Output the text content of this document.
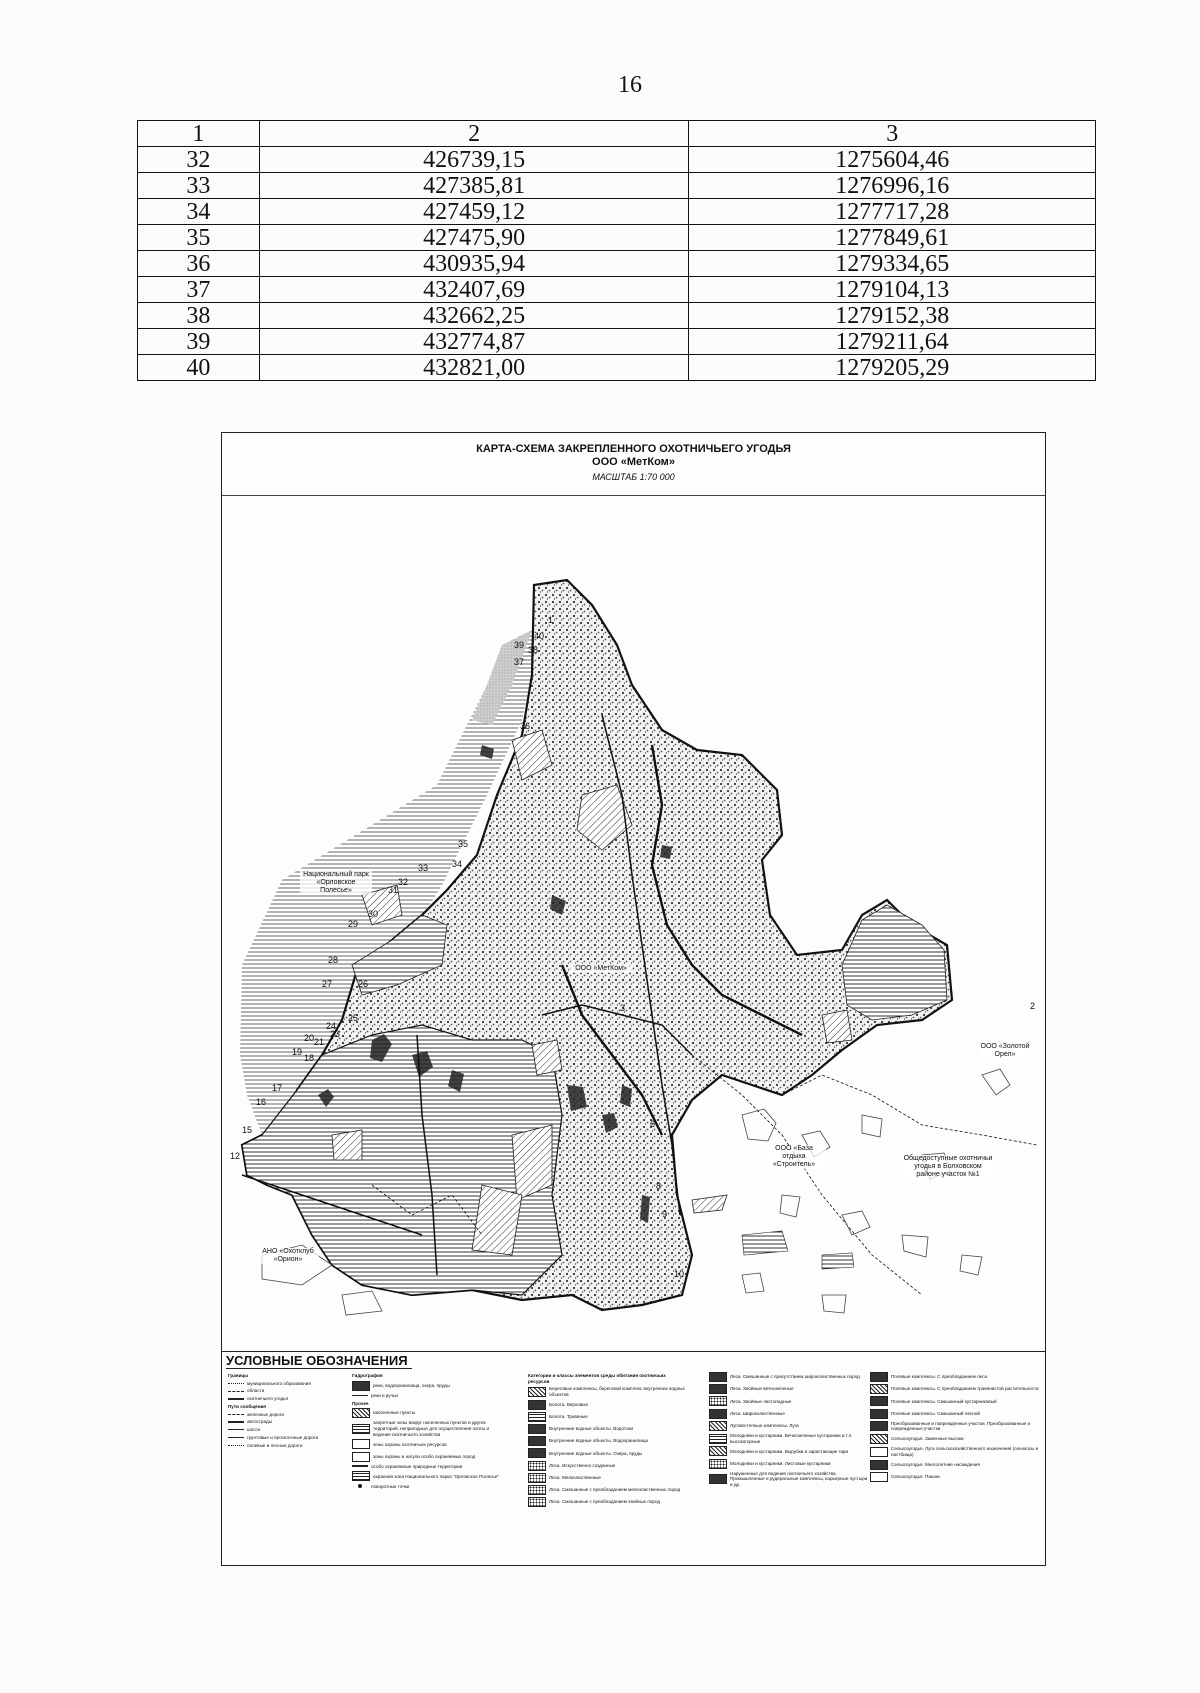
16
1	2	3
32	426739,15	1275604,46
33	427385,81	1276996,16
34	427459,12	1277717,28
35	427475,90	1277849,61
36	430935,94	1279334,65
37	432407,69	1279104,13
38	432662,25	1279152,38
39	432774,87	1279211,64
40	432821,00	1279205,29
КАРТА-СХЕМА ЗАКРЕПЛЕННОГО ОХОТНИЧЬЕГО УГОДЬЯ
ООО «МетКом»
МАСШТАБ 1:70 000
Национальный парк «Орловское Полесье»
ООО «МетКом»
ООО «Золотой Орел»
ООО «База отдыха «Строитель»
Общедоступные охотничьи угодья в Болховском районе участок №1
АНО «Охотклуб «Орион»
1
2
3
6
8
9
10
12
15
16
17
18
19
20 21
23
24
25
26
27
28
29
30
31
32
33	34
35
36
37
38
39
40
УСЛОВНЫЕ ОБОЗНАЧЕНИЯ
Границы
муниципального образования
области
охотничьего угодья
Пути сообщения
железные дороги
автострады
шоссе
грунтовые и проселочные дороги
полевые и лесные дороги
Гидрография
реки, водохранилища, озера, пруды
реки и ручьи
Прочее
населенные пункты
запретные зоны вокруг населенных пунктов и других территорий, непригодные для осуществления охоты и ведения охотничьего хозяйства
зоны охраны охотничьих ресурсов
зоны охраны и нагула особо охраняемых пород
особо охраняемые природные территории
охранная зона Национального парка "Орловское Полесье"
поворотные точки
Категории и классы элементов среды обитания охотничьих ресурсов
Береговые комплексы, береговой комплекс внутренних водных объектов
Болота. Верховые
Болота. Травяные
Внутренние водные объекты. Водотоки
Внутренние водные объекты. Водохранилища
Внутренние водные объекты. Озера, пруды
Леса. Искусственно созданные
Леса. Мелколиственные
Леса. Смешанные с преобладанием мелколиственных пород
Леса. Смешанные с преобладанием хвойных пород
Леса. Смешанные с присутствием широколиственных пород
Леса. Хвойные вечнозеленые
Леса. Хвойные листопадные
Леса. Широколиственные
Луговостепные комплексы. Луга
Молодняки и кустарники. Вечнозеленые кустарники и т.п. высокогорные
Молодняки и кустарники. Вырубки и зарастающие гари
Молодняки и кустарники. Листовые кустарники
Нарушенные для ведения охотничьего хозяйства. Промышленные и рудеральные комплексы, карьерные пустыри и др.
Полевые комплексы. С преобладанием леса
Полевые комплексы. С преобладанием травянистой растительности
Полевые комплексы. Смешанный кустарниковый
Полевые комплексы. Смешанный лесной
Преобразованные и поврежденные участки. Преобразованные и поврежденные участки
Сельхозугодья. Заменные высоки
Сельхозугодья. Луга сельскохозяйственного назначения (сенокосы и пастбища)
Сельхозугодья. Многолетние насаждения
Сельхозугодья. Пашни
